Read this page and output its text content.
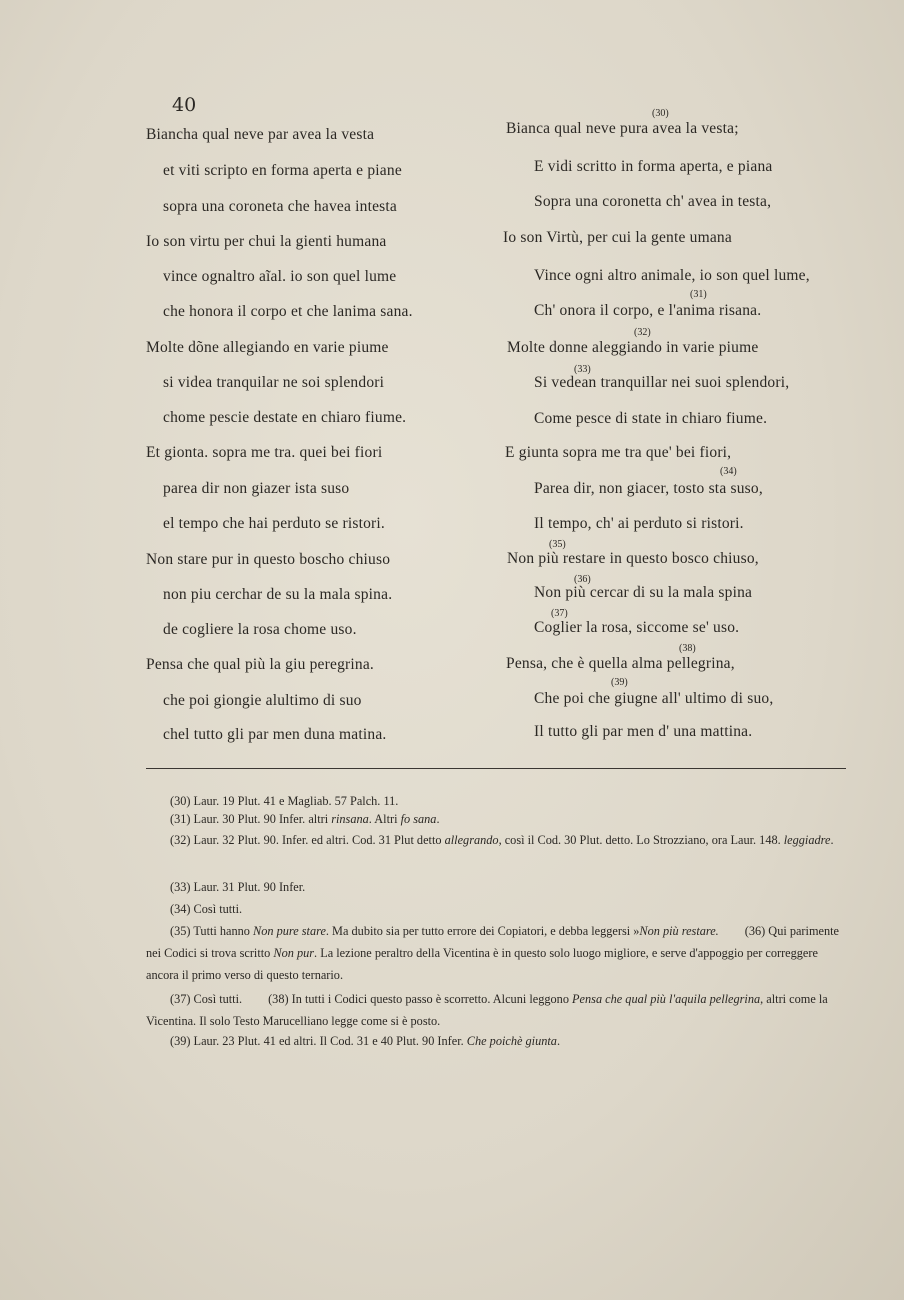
40
Biancha qual neve par avea la vesta
et viti scripto en forma aperta e piane
sopra una coroneta che havea intesta
Io son virtu per chui la gienti humana
vince ognaltro aĩal. io son quel lume
che honora il corpo et che lanima sana.
Molte dõne allegiando en varie piume
si videa tranquilar ne soi splendori
chome pescie destate en chiaro fiume.
Et gionta. sopra me tra. quei bei fiori
parea dir non giazer ista suso
el tempo che hai perduto se ristori.
Non stare pur in questo boscho chiuso
non piu cerchar de su la mala spina.
de cogliere la rosa chome uso.
Pensa che qual più la giu peregrina.
che poi giongie alultimo di suo
chel tutto gli par men duna matina.
(30)
Bianca qual neve pura avea la vesta;
E vidi scritto in forma aperta, e piana
Sopra una coronetta ch' avea in testa,
Io son Virtù, per cui la gente umana
Vince ogni altro animale, io son quel lume,
(31)
Ch' onora il corpo, e l'anima risana.
(32)
Molte donne aleggiando in varie piume
(33)
Si vedean tranquillar nei suoi splendori,
Come pesce di state in chiaro fiume.
E giunta sopra me tra que' bei fiori,
(34)
Parea dir, non giacer, tosto sta suso,
Il tempo, ch' ai perduto si ristori.
(35)
Non più restare in questo bosco chiuso,
(36)
Non più cercar di su la mala spina
(37)
Coglier la rosa, siccome se' uso.
(38)
Pensa, che è quella alma pellegrina,
(39)
Che poi che giugne all' ultimo di suo,
Il tutto gli par men d' una mattina.
(30) Laur. 19 Plut. 41 e Magliab. 57 Palch. 11.
(31) Laur. 30 Plut. 90 Infer. altri rinsana. Altri fo sana.
(32) Laur. 32 Plut. 90. Infer. ed altri. Cod. 31 Plut detto allegrando, così il Cod. 30 Plut. detto. Lo Strozziano, ora Laur. 148. leggiadre.
(33) Laur. 31 Plut. 90 Infer.
(34) Così tutti.
(35) Tutti hanno Non pure stare. Ma dubito sia per tutto errore dei Copiatori, e debba leggersi »Non più restare. (36) Qui parimente nei Codici si trova scritto Non pur. La lezione peraltro della Vicentina è in questo solo luogo migliore, e serve d'appoggio per correggere ancora il primo verso di questo ternario.
(37) Così tutti. (38) In tutti i Codici questo passo è scorretto. Alcuni leggono Pensa che qual più l'aquila pellegrina, altri come la Vicentina. Il solo Testo Marucelliano legge come si è posto.
(39) Laur. 23 Plut. 41 ed altri. Il Cod. 31 e 40 Plut. 90 Infer. Che poichè giunta.
